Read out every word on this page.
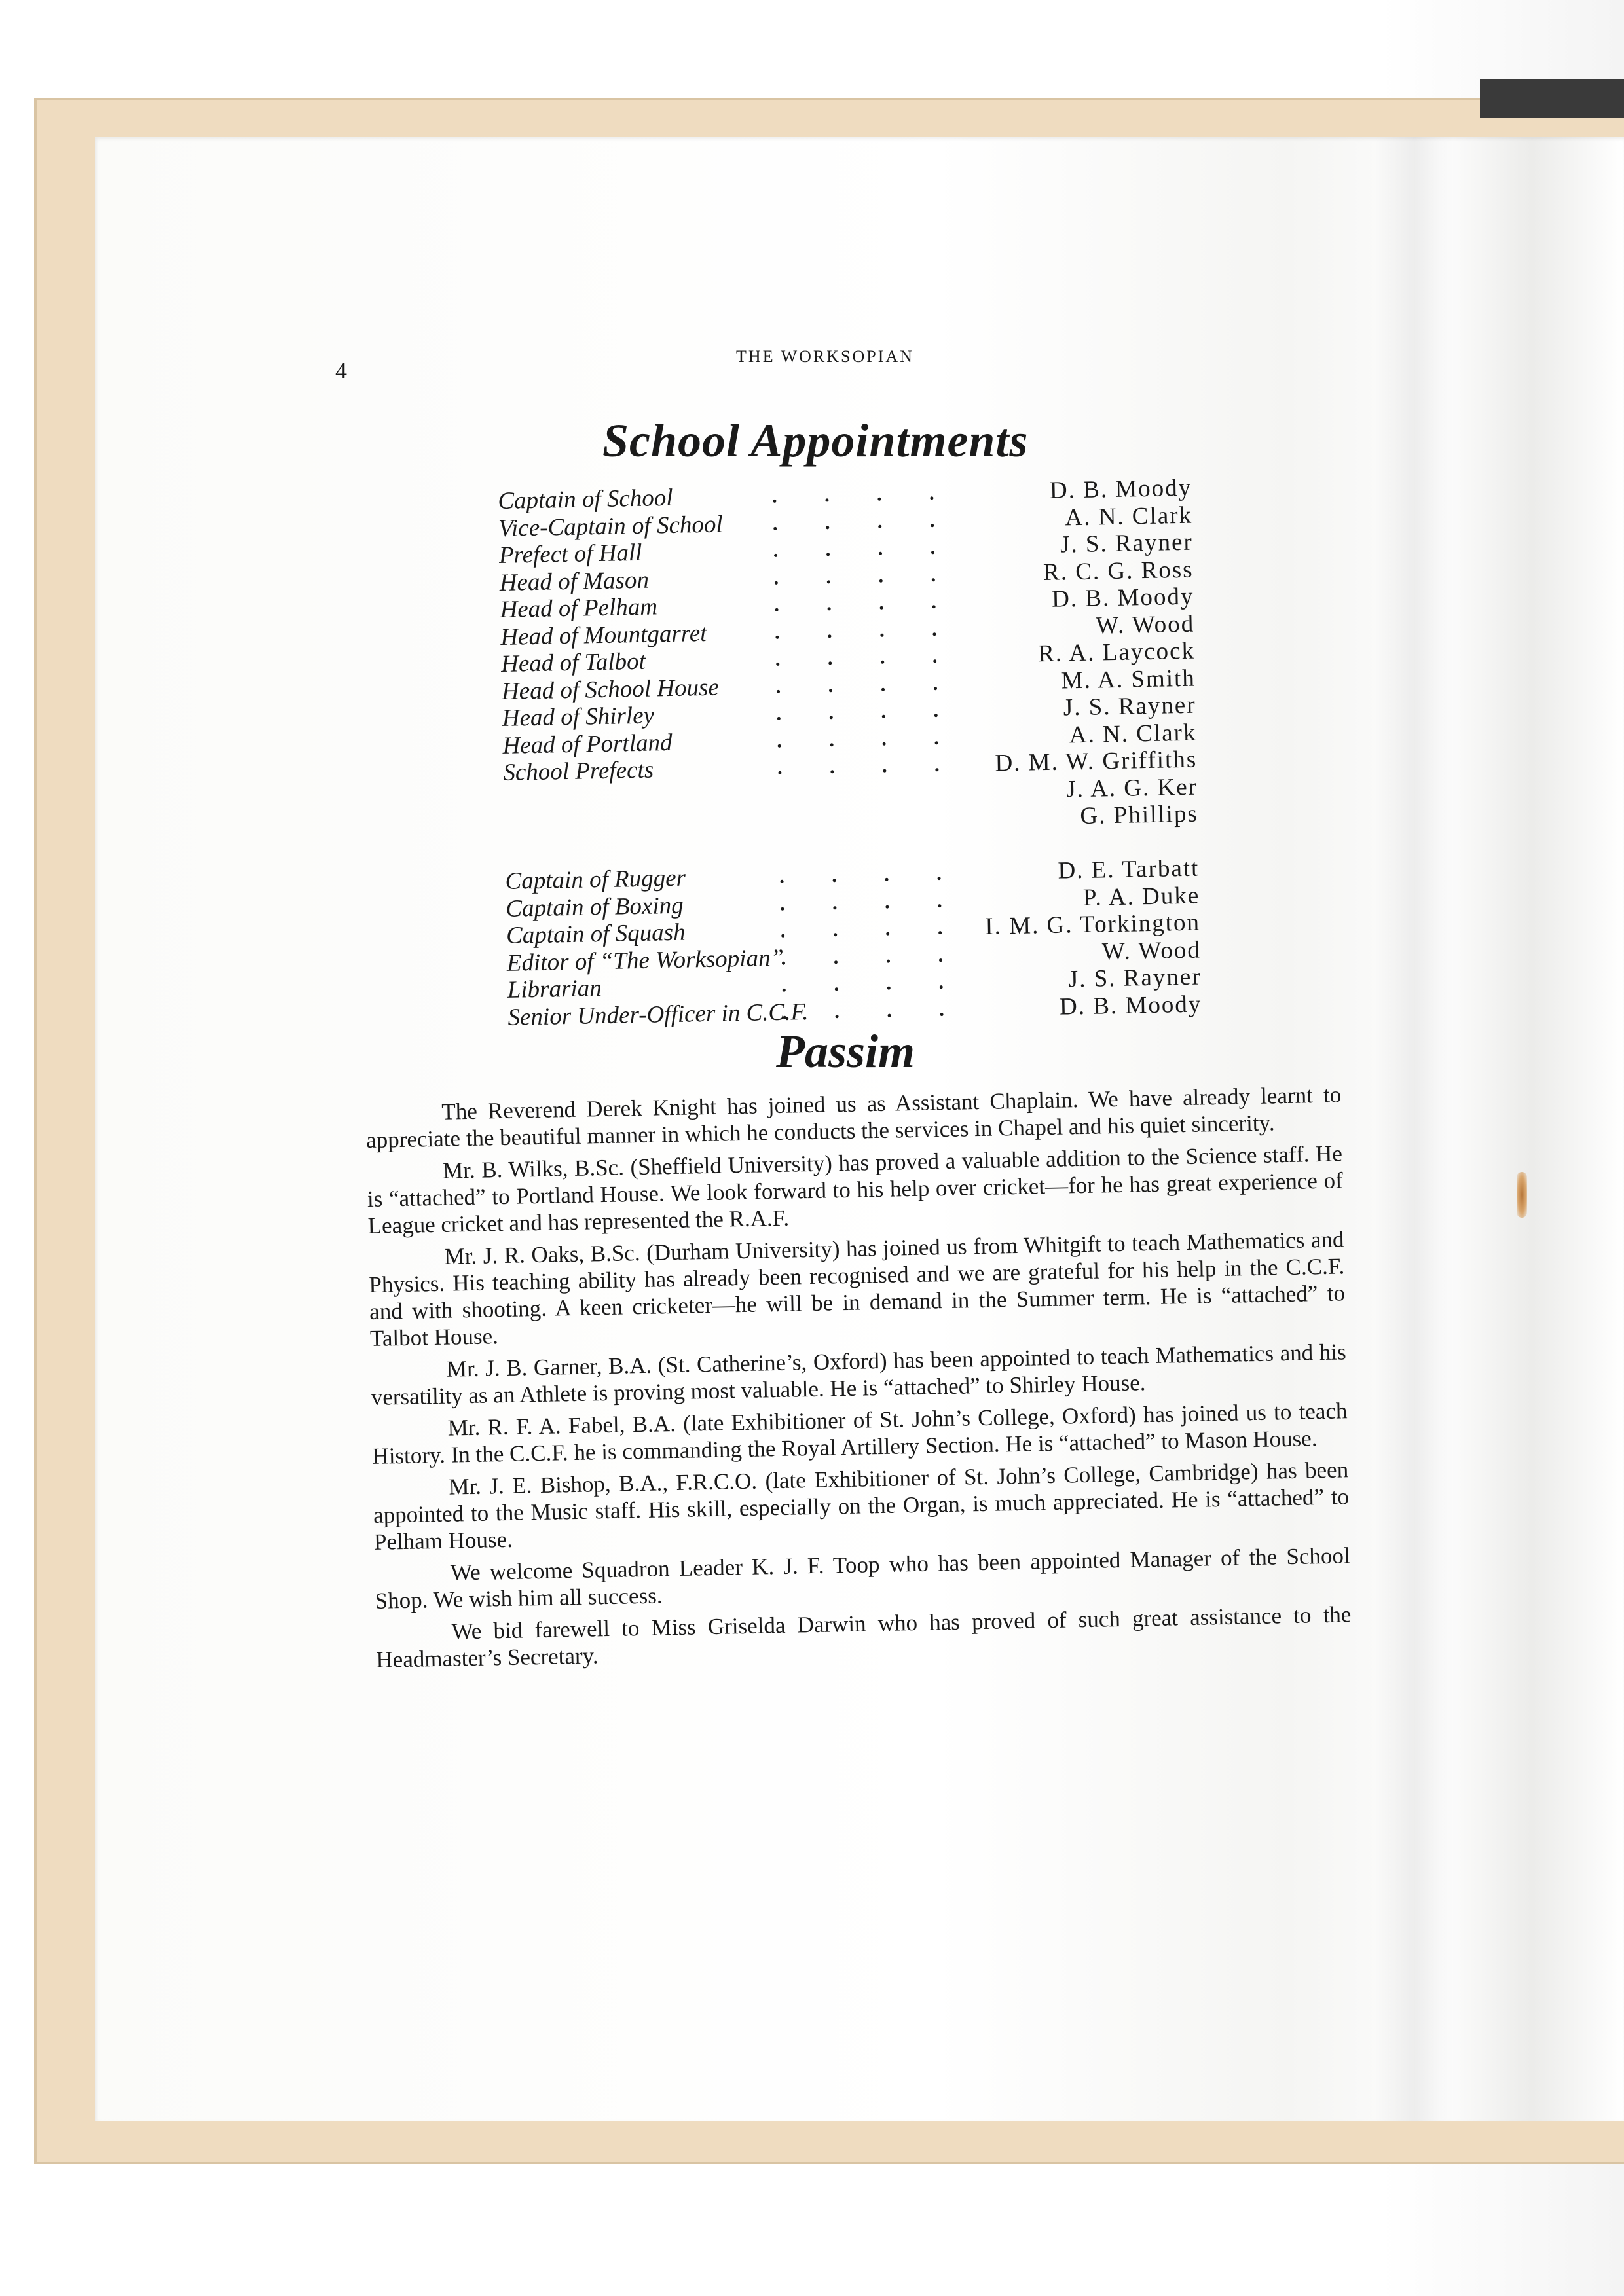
4
THE WORKSOPIAN
School Appointments
Captain of School	D. B. Moody
Vice-Captain of School	A. N. Clark
Prefect of Hall	J. S. Rayner
Head of Mason	R. C. G. Ross
Head of Pelham	D. B. Moody
Head of Mountgarret	W. Wood
Head of Talbot	R. A. Laycock
Head of School House	M. A. Smith
Head of Shirley	J. S. Rayner
Head of Portland	A. N. Clark
School Prefects	D. M. W. Griffiths
J. A. G. Ker
G. Phillips
Captain of Rugger	D. E. Tarbatt
Captain of Boxing	P. A. Duke
Captain of Squash	I. M. G. Torkington
Editor of “The Worksopian”	W. Wood
Librarian	J. S. Rayner
Senior Under-Officer in C.C.F.	D. B. Moody
Passim

The Reverend Derek Knight has joined us as Assistant Chaplain. We have already learnt to appreciate the beautiful manner in which he conducts the services in Chapel and his quiet sincerity.

Mr. B. Wilks, B.Sc. (Sheffield University) has proved a valuable addition to the Science staff. He is “attached” to Portland House. We look forward to his help over cricket—for he has great experience of League cricket and has represented the R.A.F.

Mr. J. R. Oaks, B.Sc. (Durham University) has joined us from Whitgift to teach Mathematics and Physics. His teaching ability has already been recognised and we are grateful for his help in the C.C.F. and with shooting. A keen cricketer—he will be in demand in the Summer term. He is “attached” to Talbot House.

Mr. J. B. Garner, B.A. (St. Catherine’s, Oxford) has been appointed to teach Mathematics and his versatility as an Athlete is proving most valuable. He is “attached” to Shirley House.

Mr. R. F. A. Fabel, B.A. (late Exhibitioner of St. John’s College, Oxford) has joined us to teach History. In the C.C.F. he is commanding the Royal Artillery Section. He is “attached” to Mason House.

Mr. J. E. Bishop, B.A., F.R.C.O. (late Exhibitioner of St. John’s College, Cambridge) has been appointed to the Music staff. His skill, especially on the Organ, is much appreciated. He is “attached” to Pelham House.

We welcome Squadron Leader K. J. F. Toop who has been appointed Manager of the School Shop. We wish him all success.

We bid farewell to Miss Griselda Darwin who has proved of such great assistance to the Headmaster’s Secretary.
